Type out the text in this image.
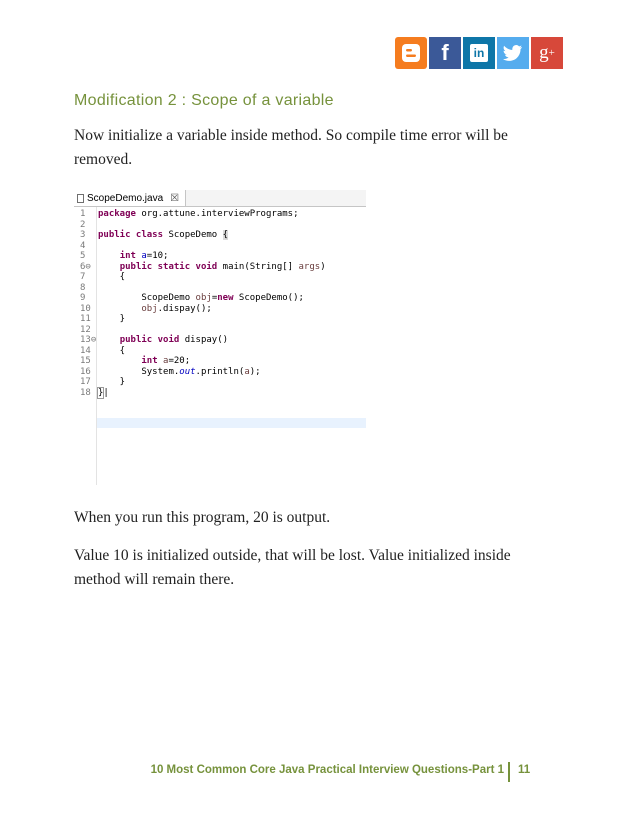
f	in	g +
Modification 2 : Scope of a variable
Now initialize a variable inside method. So compile time error will be removed.
ScopeDemo.java ☒
1
2
3
4
5
6⊖
7
8
9
10
11
12
13⊖
14
15
16
17
18
package org.attune.interviewPrograms;
public class ScopeDemo {
int a=10;
public static void main(String[] args)
{
ScopeDemo obj=new ScopeDemo();
obj.dispay();
}
public void dispay()
{
int a=20;
System.out.println(a);
}
}|
When you run this program, 20 is output.
Value 10 is initialized outside, that will be lost. Value initialized inside method will remain there.
10 Most Common Core Java Practical Interview Questions-Part 1 11
